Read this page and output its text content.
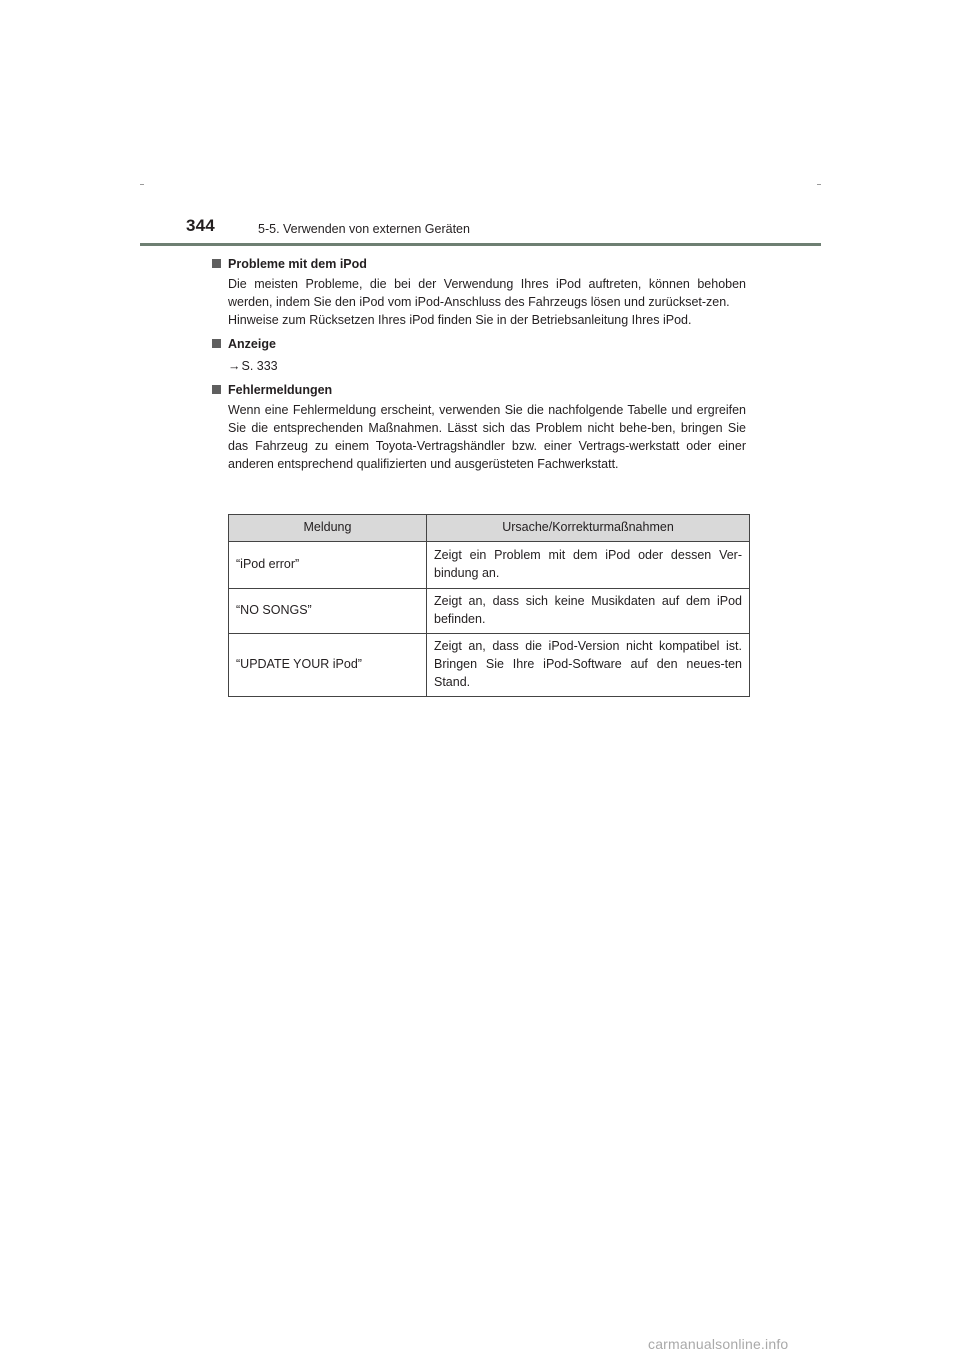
344	5-5. Verwenden von externen Geräten
Probleme mit dem iPod

Die meisten Probleme, die bei der Verwendung Ihres iPod auftreten, können behoben werden, indem Sie den iPod vom iPod-Anschluss des Fahrzeugs lösen und zurückset-zen.

Hinweise zum Rücksetzen Ihres iPod finden Sie in der Betriebsanleitung Ihres iPod.

Anzeige

→S. 333

Fehlermeldungen

Wenn eine Fehlermeldung erscheint, verwenden Sie die nachfolgende Tabelle und ergreifen Sie die entsprechenden Maßnahmen. Lässt sich das Problem nicht behe-ben, bringen Sie das Fahrzeug zu einem Toyota-Vertragshändler bzw. einer Vertrags-werkstatt oder einer anderen entsprechend qualifizierten und ausgerüsteten Fachwerkstatt.

Meldung	Ursache/Korrekturmaßnahmen
“iPod error”	Zeigt ein Problem mit dem iPod oder dessen Ver-bindung an.
“NO SONGS”	Zeigt an, dass sich keine Musikdaten auf dem iPod befinden.
“UPDATE YOUR iPod”	Zeigt an, dass die iPod-Version nicht kompatibel ist. Bringen Sie Ihre iPod-Software auf den neues-ten Stand.
carmanualsonline.info
